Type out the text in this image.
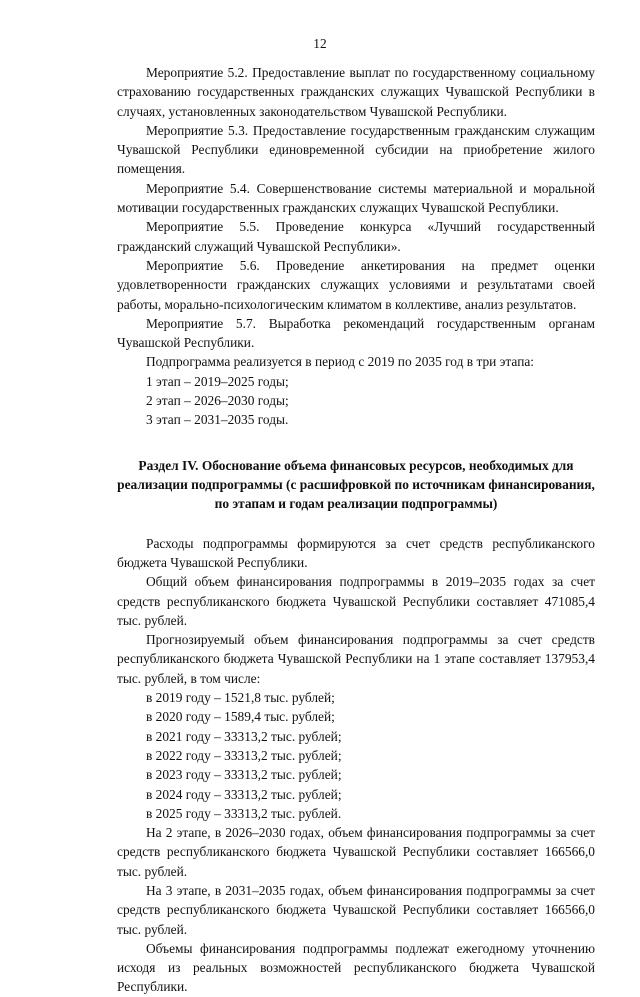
12

Мероприятие 5.2. Предоставление выплат по государственному социальному страхованию государственных гражданских служащих Чувашской Республики в случаях, установленных законодательством Чувашской Республики.

Мероприятие 5.3. Предоставление государственным гражданским служащим Чувашской Республики единовременной субсидии на приобретение жилого помещения.

Мероприятие 5.4. Совершенствование системы материальной и моральной мотивации государственных гражданских служащих Чувашской Республики.

Мероприятие 5.5. Проведение конкурса «Лучший государственный гражданский служащий Чувашской Республики».

Мероприятие 5.6. Проведение анкетирования на предмет оценки удовлетворенности гражданских служащих условиями и результатами своей работы, морально-психологическим климатом в коллективе, анализ результатов.

Мероприятие 5.7. Выработка рекомендаций государственным органам Чувашской Республики.

Подпрограмма реализуется в период с 2019 по 2035 год в три этапа:

1 этап – 2019–2025 годы;

2 этап – 2026–2030 годы;

3 этап – 2031–2035 годы.

Раздел IV. Обоснование объема финансовых ресурсов, необходимых для реализации подпрограммы (с расшифровкой по источникам финансирования, по этапам и годам реализации подпрограммы)

Расходы подпрограммы формируются за счет средств республиканского бюджета Чувашской Республики.

Общий объем финансирования подпрограммы в 2019–2035 годах за счет средств республиканского бюджета Чувашской Республики составляет 471085,4 тыс. рублей.

Прогнозируемый объем финансирования подпрограммы за счет средств республиканского бюджета Чувашской Республики на 1 этапе составляет 137953,4 тыс. рублей, в том числе:

в 2019 году – 1521,8 тыс. рублей;

в 2020 году – 1589,4 тыс. рублей;

в 2021 году – 33313,2 тыс. рублей;

в 2022 году – 33313,2 тыс. рублей;

в 2023 году – 33313,2 тыс. рублей;

в 2024 году – 33313,2 тыс. рублей;

в 2025 году – 33313,2 тыс. рублей.

На 2 этапе, в 2026–2030 годах, объем финансирования подпрограммы за счет средств республиканского бюджета Чувашской Республики составляет 166566,0 тыс. рублей.

На 3 этапе, в 2031–2035 годах, объем финансирования подпрограммы за счет средств республиканского бюджета Чувашской Республики составляет 166566,0 тыс. рублей.

Объемы финансирования подпрограммы подлежат ежегодному уточнению исходя из реальных возможностей республиканского бюджета Чувашской Республики.
